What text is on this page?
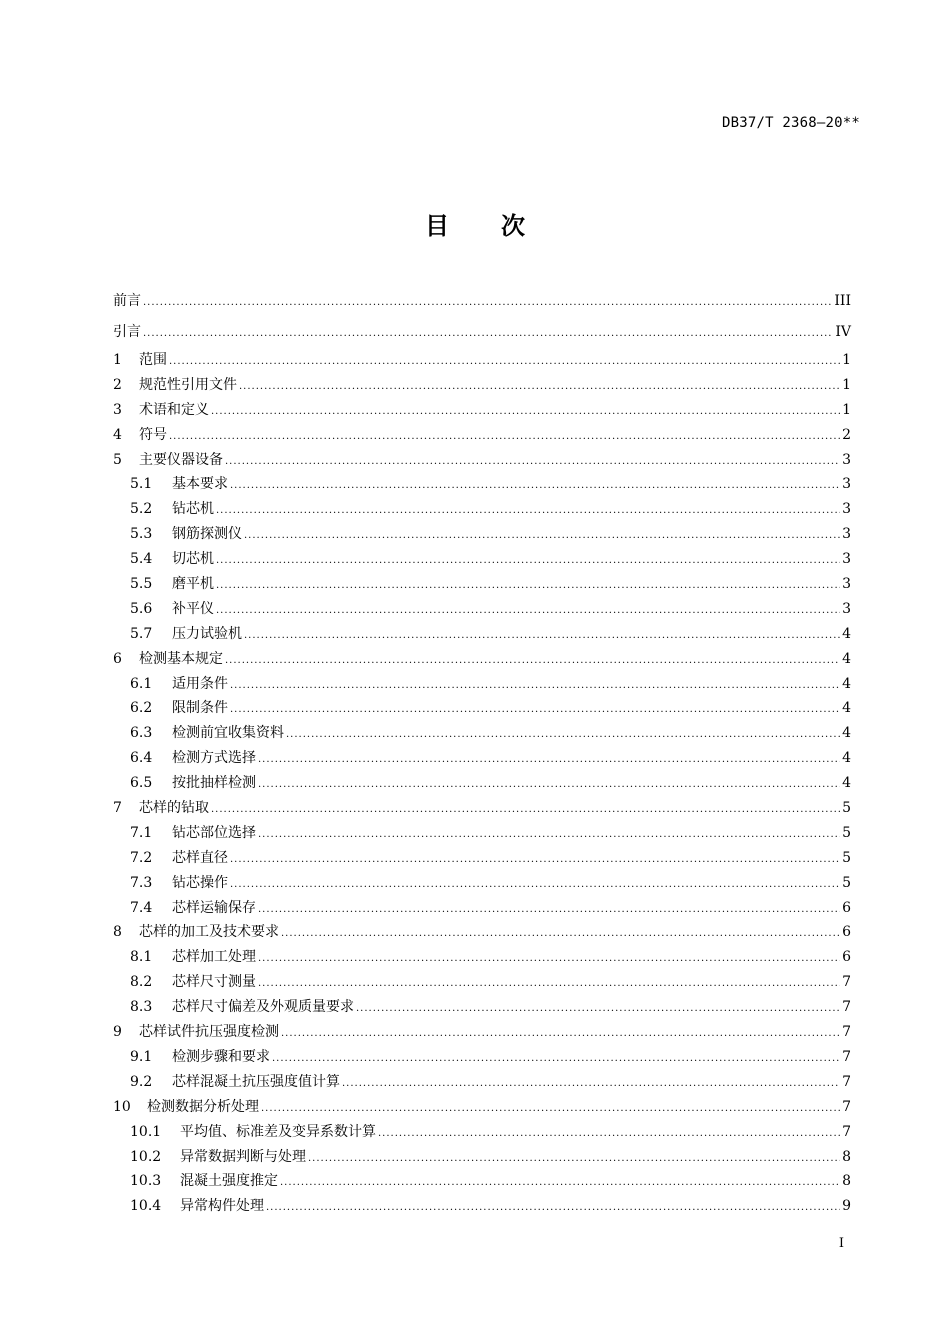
DB37/T 2368—20**
目 次
前言 .....	III
引言 .....	IV
1	范围 .....	1
2	规范性引用文件 .....	1
3	术语和定义 .....	1
4	符号 .....	2
5	主要仪器设备 .....	3
5.1	基本要求 .....	3
5.2	钻芯机 .....	3
5.3	钢筋探测仪 .....	3
5.4	切芯机 .....	3
5.5	磨平机 .....	3
5.6	补平仪 .....	3
5.7	压力试验机 .....	4
6	检测基本规定 .....	4
6.1	适用条件 .....	4
6.2	限制条件 .....	4
6.3	检测前宜收集资料 .....	4
6.4	检测方式选择 .....	4
6.5	按批抽样检测 .....	4
7	芯样的钻取 .....	5
7.1	钻芯部位选择 .....	5
7.2	芯样直径 .....	5
7.3	钻芯操作 .....	5
7.4	芯样运输保存 .....	6
8	芯样的加工及技术要求 .....	6
8.1	芯样加工处理 .....	6
8.2	芯样尺寸测量 .....	7
8.3	芯样尺寸偏差及外观质量要求 .....	7
9	芯样试件抗压强度检测 .....	7
9.1	检测步骤和要求 .....	7
9.2	芯样混凝土抗压强度值计算 .....	7
10	检测数据分析处理 .....	7
10.1	平均值、标准差及变异系数计算 .....	7
10.2	异常数据判断与处理 .....	8
10.3	混凝土强度推定 .....	8
10.4	异常构件处理 .....	9
I
